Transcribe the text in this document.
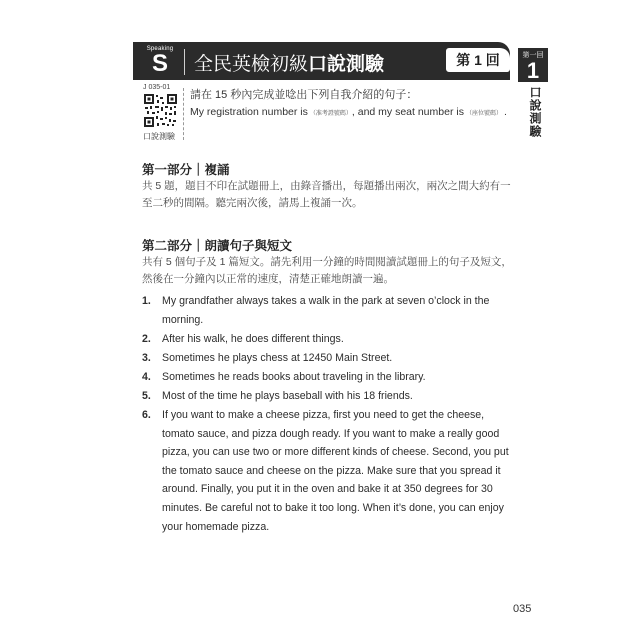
Speaking
S	全民英檢初級口說測驗	第 1 回	第一回
1
口說測驗
J 035-01
口說測驗
請在 15 秒內完成並唸出下列自我介紹的句子：
My registration number is （准考證號碼）, and my seat number is （座位號碼） .
第一部分｜複誦
共 5 題，題目不印在試題冊上，由錄音播出，每題播出兩次，兩次之間大約有一至二秒的間隔。聽完兩次後，請馬上複誦一次。
第二部分｜朗讀句子與短文
共有 5 個句子及 1 篇短文。請先利用一分鐘的時間閱讀試題冊上的句子及短文，然後在一分鐘內以正常的速度，清楚正確地朗讀一遍。
1. My grandfather always takes a walk in the park at seven o’clock in the morning.
2. After his walk, he does different things.
3. Sometimes he plays chess at 12450 Main Street.
4. Sometimes he reads books about traveling in the library.
5. Most of the time he plays baseball with his 18 friends.
6. If you want to make a cheese pizza, first you need to get the cheese, tomato sauce, and pizza dough ready. If you want to make a really good pizza, you can use two or more different kinds of cheese. Second, you put the tomato sauce and cheese on the pizza. Make sure that you spread it around. Finally, you put it in the oven and bake it at 350 degrees for 30 minutes. Be careful not to bake it too long. When it’s done, you can enjoy your homemade pizza.
035
